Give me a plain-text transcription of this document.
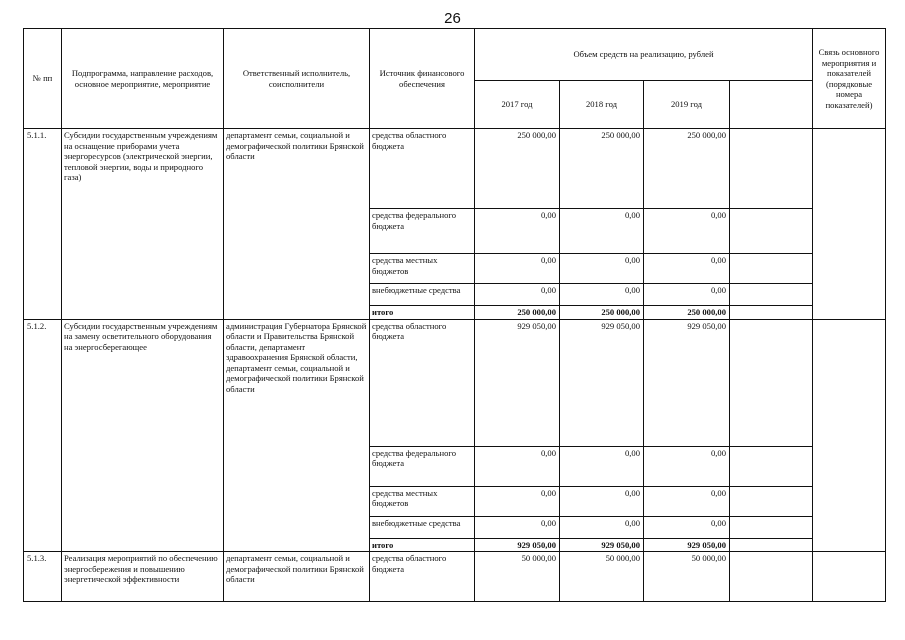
26
№ пп	Подпрограмма, направление расходов, основное мероприятие, мероприятие	Ответственный исполнитель, соисполнители	Источник финансового обеспечения	Объем средств на реализацию, рублей				Связь основного мероприятия и показателей (порядковые номера показателей)
				2017 год	2018 год	2019 год		
5.1.1.	Субсидии государственным учреждениям на оснащение приборами учета энергоресурсов (электрической энергии, тепловой энергии, воды и природного газа)	департамент семьи, социальной и демографической политики Брянской области	средства областного бюджета	250 000,00	250 000,00	250 000,00		
			средства федерального бюджета	0,00	0,00	0,00		
			средства местных бюджетов	0,00	0,00	0,00		
			внебюджетные средства	0,00	0,00	0,00		
			итого	250 000,00	250 000,00	250 000,00		
5.1.2.	Субсидии государственным учреждениям на замену осветительного оборудования на энергосберегающее	администрация Губернатора Брянской области и Правительства Брянской области, департамент здравоохранения Брянской области, департамент семьи, социальной и демографической политики Брянской области	средства областного бюджета	929 050,00	929 050,00	929 050,00		
			средства федерального бюджета	0,00	0,00	0,00		
			средства местных бюджетов	0,00	0,00	0,00		
			внебюджетные средства	0,00	0,00	0,00		
			итого	929 050,00	929 050,00	929 050,00		
5.1.3.	Реализация мероприятий по обеспечению энергосбережения и повышению энергетической эффективности	департамент семьи, социальной и демографической политики Брянской области	средства областного бюджета	50 000,00	50 000,00	50 000,00		
